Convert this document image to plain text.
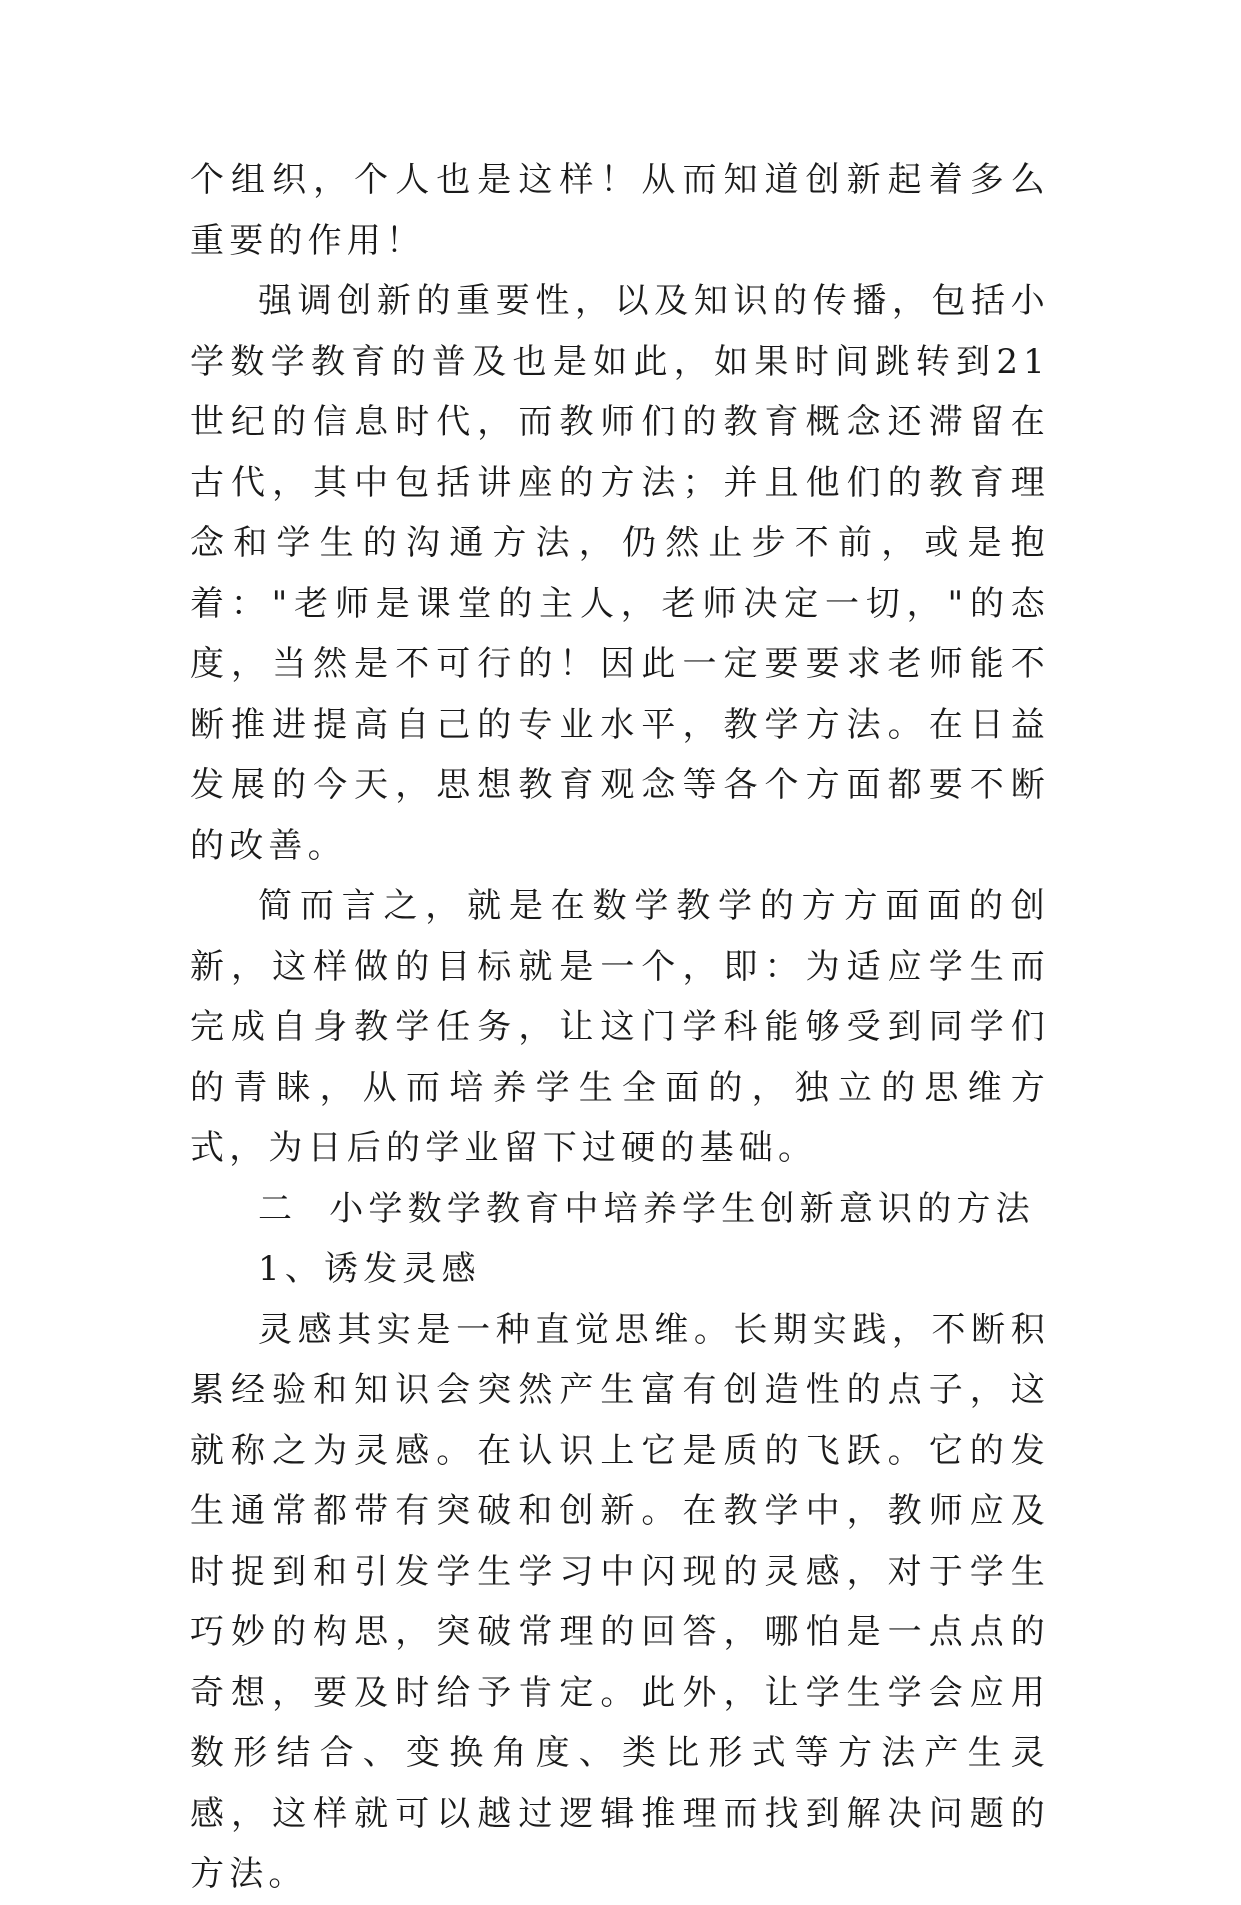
个组织，个人也是这样！从而知道创新起着多么重要的作用！

强调创新的重要性，以及知识的传播，包括小学数学教育的普及也是如此，如果时间跳转到21世纪的信息时代，而教师们的教育概念还滞留在古代，其中包括讲座的方法；并且他们的教育理念和学生的沟通方法，仍然止步不前，或是抱着："老师是课堂的主人，老师决定一切，"的态度，当然是不可行的！因此一定要要求老师能不断推进提高自己的专业水平，教学方法。在日益发展的今天，思想教育观念等各个方面都要不断的改善。

简而言之，就是在数学教学的方方面面的创新，这样做的目标就是一个，即：为适应学生而完成自身教学任务，让这门学科能够受到同学们的青睐，从而培养学生全面的，独立的思维方式，为日后的学业留下过硬的基础。

二  小学数学教育中培养学生创新意识的方法

1、诱发灵感

灵感其实是一种直觉思维。长期实践，不断积累经验和知识会突然产生富有创造性的点子，这就称之为灵感。在认识上它是质的飞跃。它的发生通常都带有突破和创新。在教学中，教师应及时捉到和引发学生学习中闪现的灵感，对于学生巧妙的构思，突破常理的回答，哪怕是一点点的奇想，要及时给予肯定。此外，让学生学会应用数形结合、变换角度、类比形式等方法产生灵感，这样就可以越过逻辑推理而找到解决问题的方法。
